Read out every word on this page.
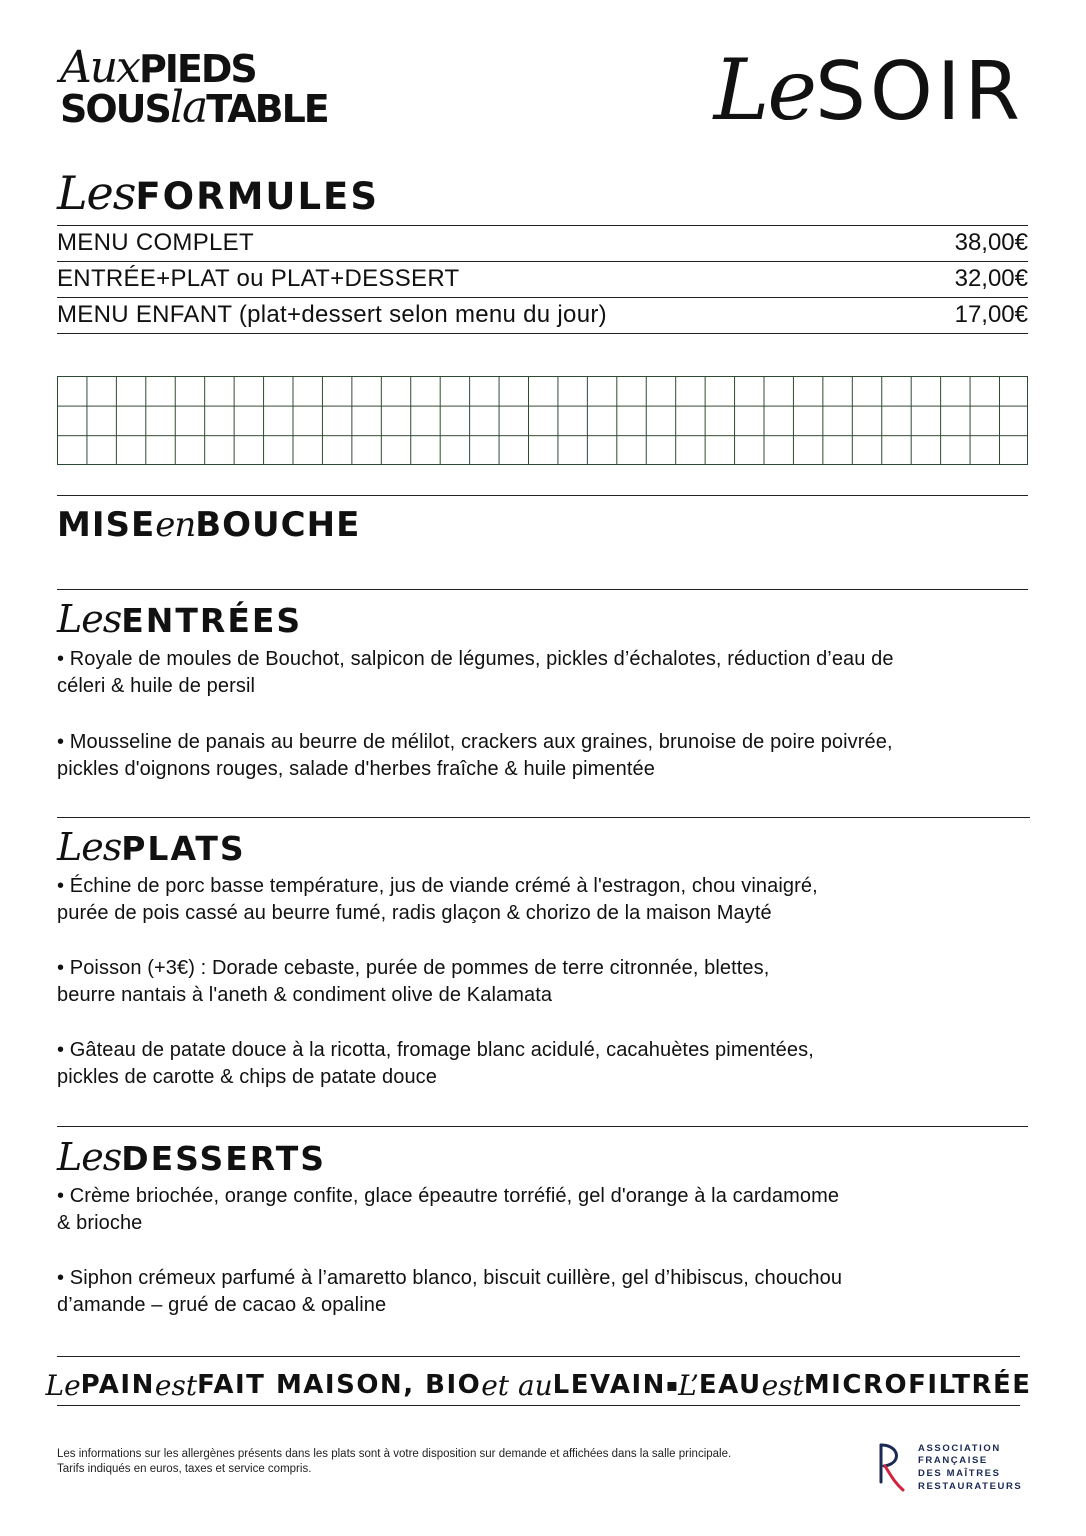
AuxPIEDS
SOUSlaTABLE	LeSOIR
LesFORMULES
MENU COMPLET	38,00€
ENTRÉE+PLAT ou PLAT+DESSERT	32,00€
MENU ENFANT (plat+dessert selon menu du jour)	17,00€
MISEenBOUCHE
LesENTRÉES
• Royale de moules de Bouchot, salpicon de légumes, pickles d’échalotes, réduction d’eau de
céleri & huile de persil
• Mousseline de panais au beurre de mélilot, crackers aux graines, brunoise de poire poivrée,
pickles d'oignons rouges, salade d'herbes fraîche & huile pimentée
LesPLATS
• Échine de porc basse température, jus de viande crémé à l'estragon, chou vinaigré,
purée de pois cassé au beurre fumé, radis glaçon & chorizo de la maison Mayté
• Poisson (+3€) : Dorade cebaste, purée de pommes de terre citronnée, blettes,
beurre nantais à l'aneth & condiment olive de Kalamata
• Gâteau de patate douce à la ricotta, fromage blanc acidulé, cacahuètes pimentées,
pickles de carotte & chips de patate douce
LesDESSERTS
• Crème briochée, orange confite, glace épeautre torréfié, gel d'orange à la cardamome
& brioche
• Siphon crémeux parfumé à l’amaretto blanco, biscuit cuillère, gel d’hibiscus, chouchou
d’amande – grué de cacao & opaline
Le PAIN est FAIT MAISON, BIO et au LEVAIN ▪ L’ EAU est MICROFILTRÉE
Les informations sur les allergènes présents dans les plats sont à votre disposition sur demande et affichées dans la salle principale.
Tarifs indiqués en euros, taxes et service compris.
ASSOCIATION
FRANÇAISE
DES MAÎTRES
RESTAURATEURS
